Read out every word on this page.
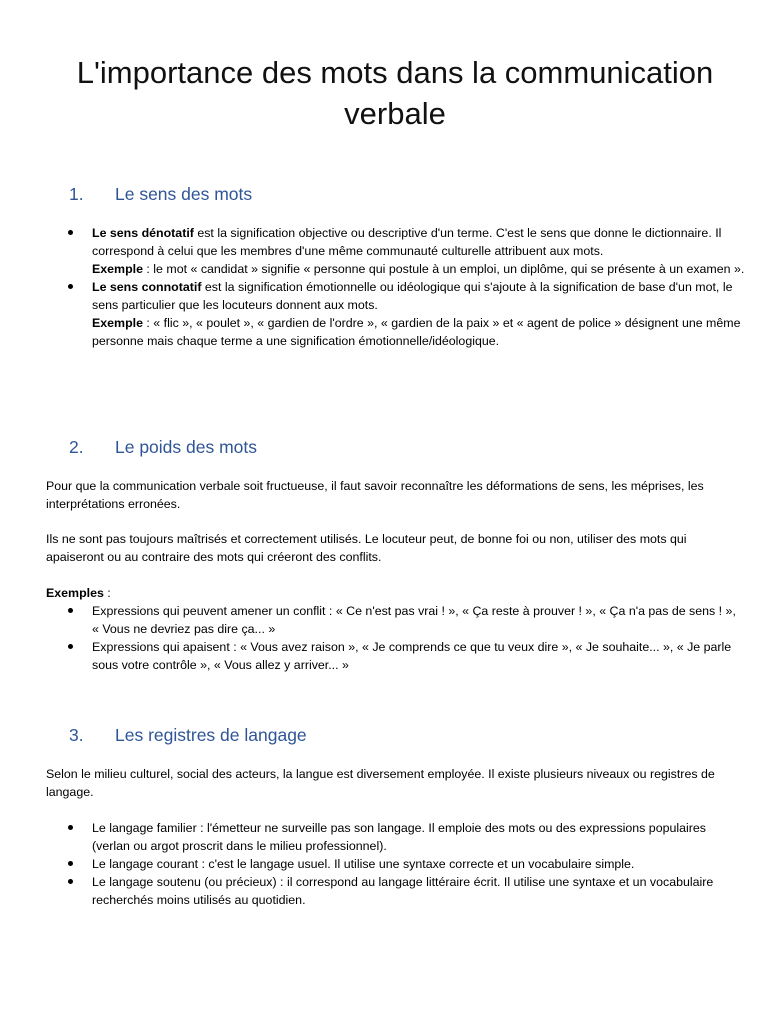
L'importance des mots dans la communication verbale
1. Le sens des mots
Le sens dénotatif est la signification objective ou descriptive d'un terme. C'est le sens que donne le dictionnaire. Il correspond à celui que les membres d'une même communauté culturelle attribuent aux mots.
Exemple : le mot « candidat » signifie « personne qui postule à un emploi, un diplôme, qui se présente à un examen ».
Le sens connotatif est la signification émotionnelle ou idéologique qui s'ajoute à la signification de base d'un mot, le sens particulier que les locuteurs donnent aux mots.
Exemple : « flic », « poulet », « gardien de l'ordre », « gardien de la paix » et « agent de police » désignent une même personne mais chaque terme a une signification émotionnelle/idéologique.
2. Le poids des mots
Pour que la communication verbale soit fructueuse, il faut savoir reconnaître les déformations de sens, les méprises, les interprétations erronées.
Ils ne sont pas toujours maîtrisés et correctement utilisés. Le locuteur peut, de bonne foi ou non, utiliser des mots qui apaiseront ou au contraire des mots qui créeront des conflits.
Exemples :
Expressions qui peuvent amener un conflit : « Ce n'est pas vrai ! », « Ça reste à prouver ! », « Ça n'a pas de sens ! », « Vous ne devriez pas dire ça... »
Expressions qui apaisent : « Vous avez raison », « Je comprends ce que tu veux dire », « Je souhaite... », « Je parle sous votre contrôle », « Vous allez y arriver... »
3. Les registres de langage
Selon le milieu culturel, social des acteurs, la langue est diversement employée. Il existe plusieurs niveaux ou registres de langage.
Le langage familier : l'émetteur ne surveille pas son langage. Il emploie des mots ou des expressions populaires (verlan ou argot proscrit dans le milieu professionnel).
Le langage courant : c'est le langage usuel. Il utilise une syntaxe correcte et un vocabulaire simple.
Le langage soutenu (ou précieux) : il correspond au langage littéraire écrit. Il utilise une syntaxe et un vocabulaire recherchés moins utilisés au quotidien.
